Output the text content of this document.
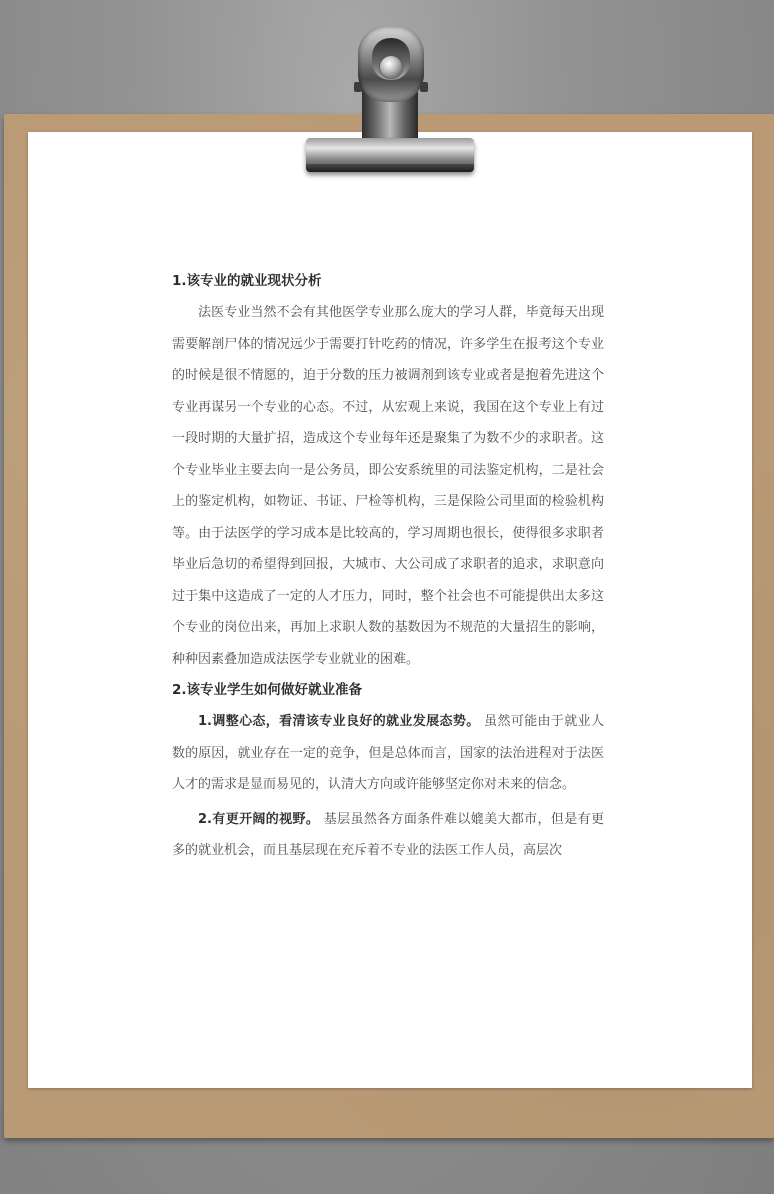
1.该专业的就业现状分析

法医专业当然不会有其他医学专业那么庞大的学习人群，毕竟每天出现需要解剖尸体的情况远少于需要打针吃药的情况，许多学生在报考这个专业的时候是很不情愿的，迫于分数的压力被调剂到该专业或者是抱着先进这个专业再谋另一个专业的心态。不过，从宏观上来说，我国在这个专业上有过一段时期的大量扩招，造成这个专业每年还是聚集了为数不少的求职者。这个专业毕业主要去向一是公务员，即公安系统里的司法鉴定机构，二是社会上的鉴定机构，如物证、书证、尸检等机构，三是保险公司里面的检验机构等。由于法医学的学习成本是比较高的，学习周期也很长，使得很多求职者毕业后急切的希望得到回报，大城市、大公司成了求职者的追求，求职意向过于集中这造成了一定的人才压力，同时，整个社会也不可能提供出太多这个专业的岗位出来，再加上求职人数的基数因为不规范的大量招生的影响，种种因素叠加造成法医学专业就业的困难。

2.该专业学生如何做好就业准备

1.调整心态，看清该专业良好的就业发展态势。 虽然可能由于就业人数的原因，就业存在一定的竞争，但是总体而言，国家的法治进程对于法医人才的需求是显而易见的，认清大方向或许能够坚定你对未来的信念。

2.有更开阔的视野。 基层虽然各方面条件难以媲美大都市，但是有更多的就业机会，而且基层现在充斥着不专业的法医工作人员，高层次
